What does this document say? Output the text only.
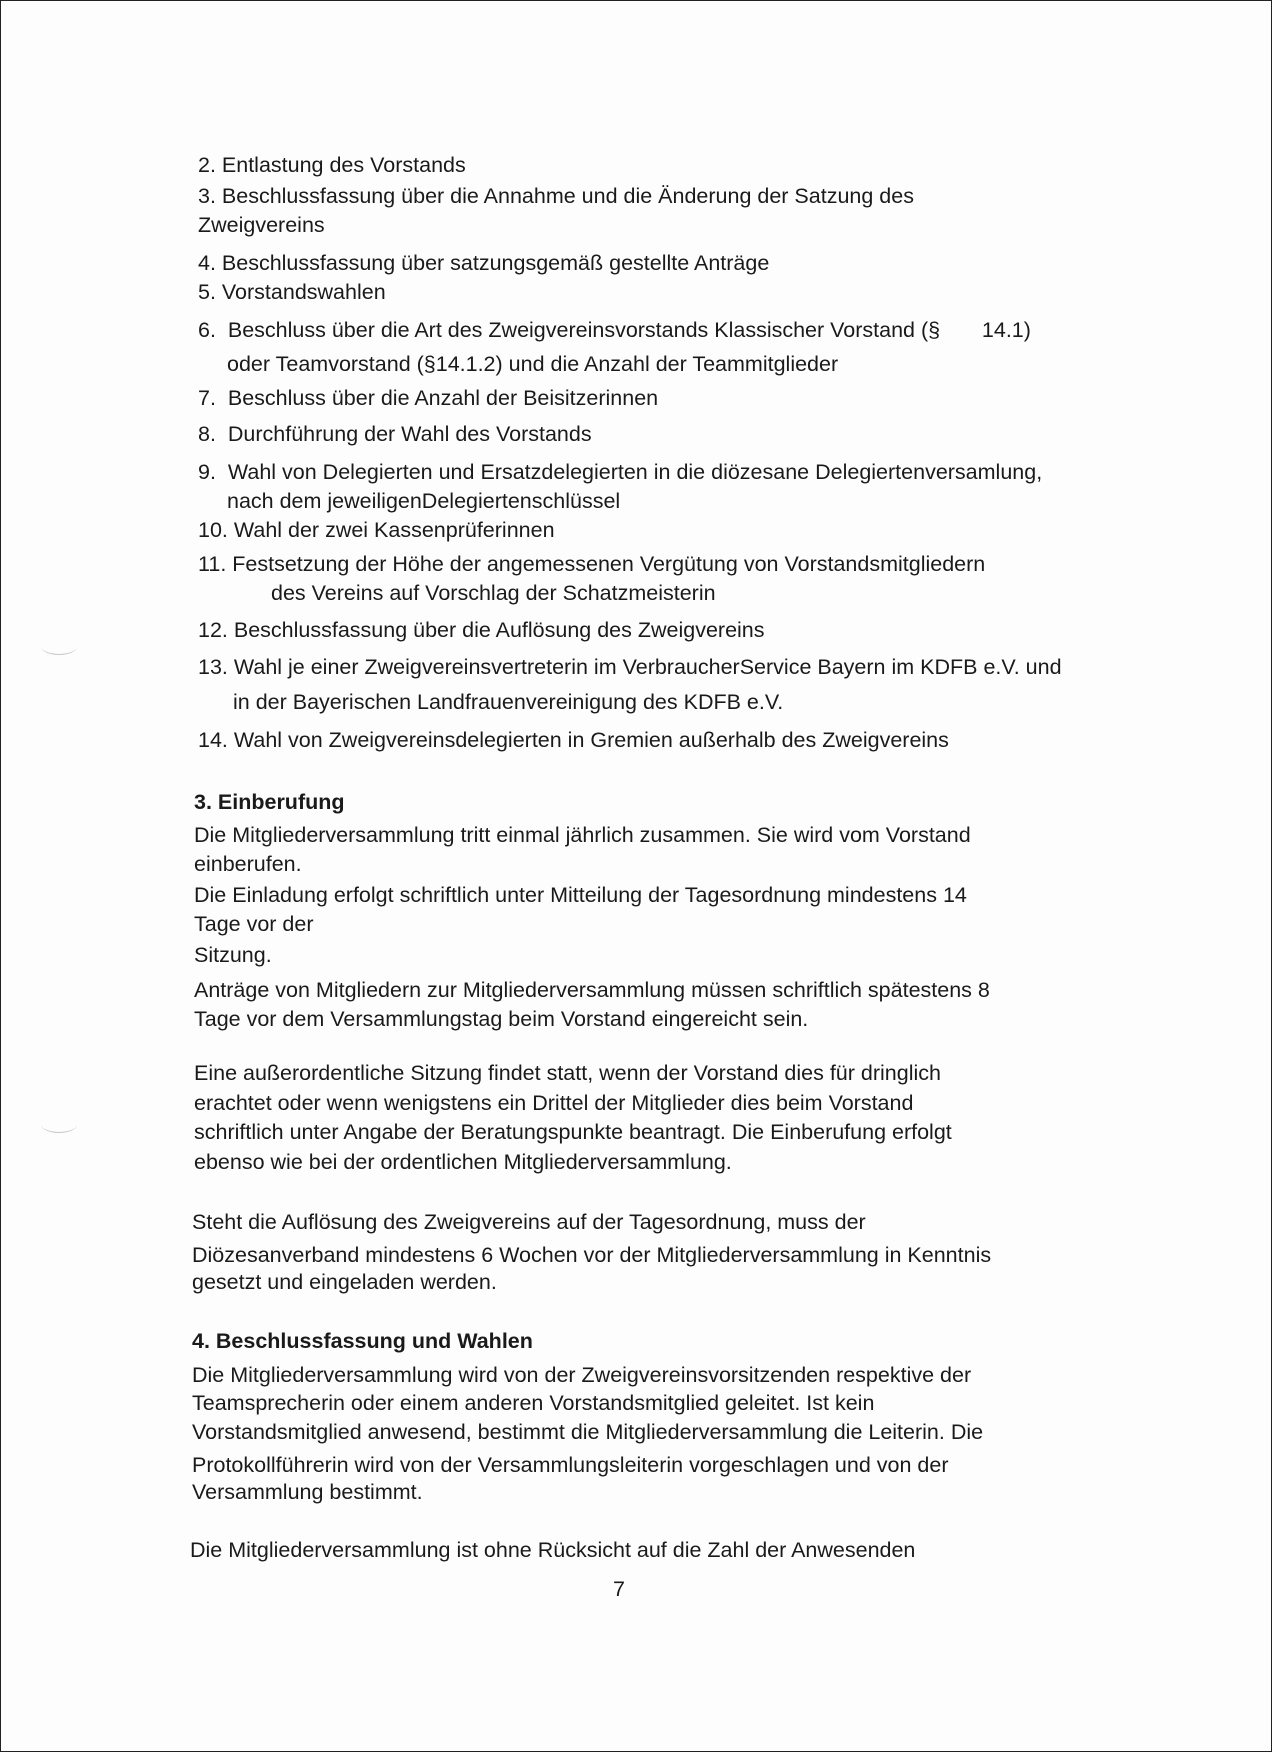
2. Entlastung des Vorstands
3. Beschlussfassung über die Annahme und die Änderung der Satzung des
Zweigvereins
4. Beschlussfassung über satzungsgemäß gestellte Anträge
5. Vorstandswahlen
6.  Beschluss über die Art des Zweigvereinsvorstands Klassischer Vorstand (§       14.1)
oder Teamvorstand (§14.1.2) und die Anzahl der Teammitglieder
7.  Beschluss über die Anzahl der Beisitzerinnen
8.  Durchführung der Wahl des Vorstands
9.  Wahl von Delegierten und Ersatzdelegierten in die diözesane Delegiertenversamlung,
nach dem jeweiligenDelegiertenschlüssel
10. Wahl der zwei Kassenprüferinnen
11. Festsetzung der Höhe der angemessenen Vergütung von Vorstandsmitgliedern
des Vereins auf Vorschlag der Schatzmeisterin
12. Beschlussfassung über die Auflösung des Zweigvereins
13. Wahl je einer Zweigvereinsvertreterin im VerbraucherService Bayern im KDFB e.V. und
in der Bayerischen Landfrauenvereinigung des KDFB e.V.
14. Wahl von Zweigvereinsdelegierten in Gremien außerhalb des Zweigvereins
3. Einberufung
Die Mitgliederversammlung tritt einmal jährlich zusammen. Sie wird vom Vorstand
einberufen.
Die Einladung erfolgt schriftlich unter Mitteilung der Tagesordnung mindestens 14
Tage vor der
Sitzung.
Anträge von Mitgliedern zur Mitgliederversammlung müssen schriftlich spätestens 8
Tage vor dem Versammlungstag beim Vorstand eingereicht sein.
Eine außerordentliche Sitzung findet statt, wenn der Vorstand dies für dringlich
erachtet oder wenn wenigstens ein Drittel der Mitglieder dies beim Vorstand
schriftlich unter Angabe der Beratungspunkte beantragt. Die Einberufung erfolgt
ebenso wie bei der ordentlichen Mitgliederversammlung.
Steht die Auflösung des Zweigvereins auf der Tagesordnung, muss der
Diözesanverband mindestens 6 Wochen vor der Mitgliederversammlung in Kenntnis
gesetzt und eingeladen werden.
4. Beschlussfassung und Wahlen
Die Mitgliederversammlung wird von der Zweigvereinsvorsitzenden respektive der
Teamsprecherin oder einem anderen Vorstandsmitglied geleitet. Ist kein
Vorstandsmitglied anwesend, bestimmt die Mitgliederversammlung die Leiterin. Die
Protokollführerin wird von der Versammlungsleiterin vorgeschlagen und von der
Versammlung bestimmt.
Die Mitgliederversammlung ist ohne Rücksicht auf die Zahl der Anwesenden
7
